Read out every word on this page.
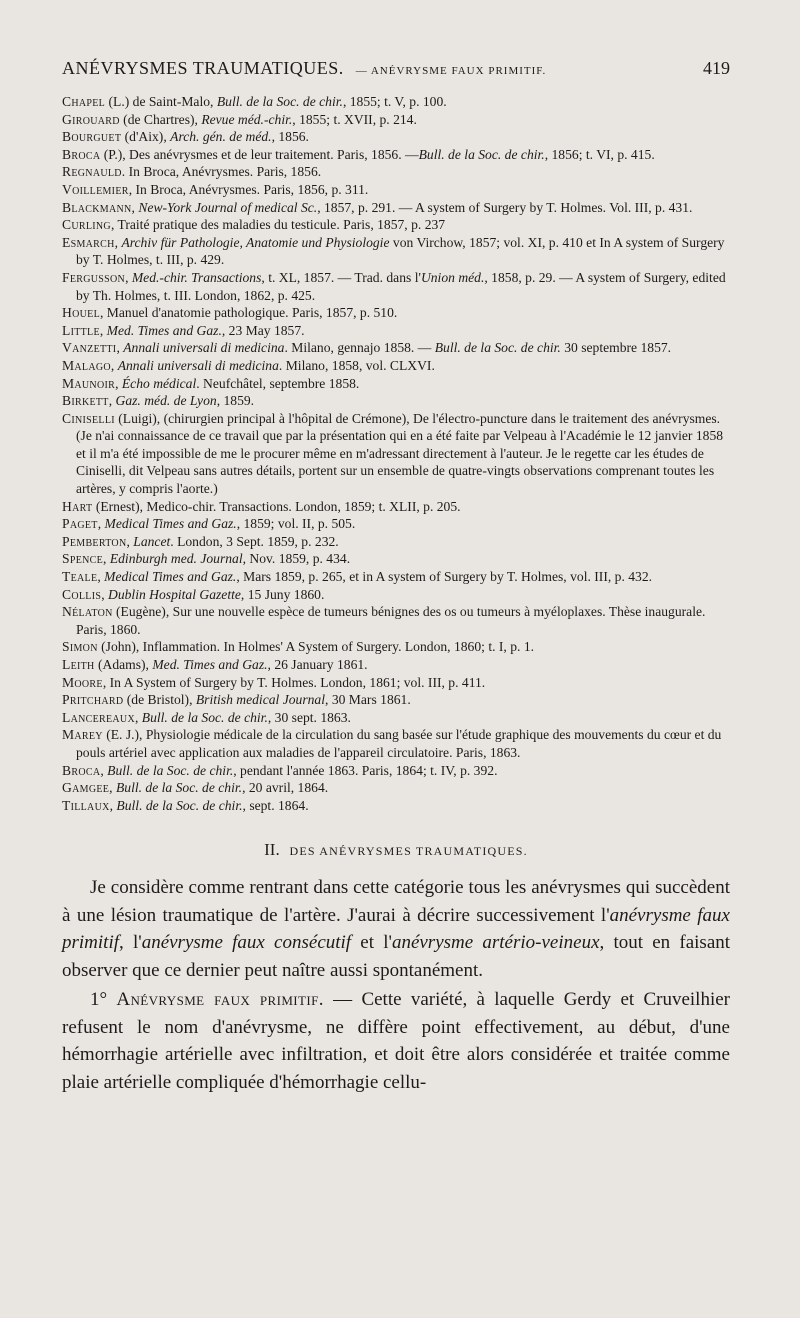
ANÉVRYSMES TRAUMATIQUES. — ANÉVRYSME FAUX PRIMITIF.	419
Chapel (L.) de Saint-Malo, Bull. de la Soc. de chir., 1855; t. V, p. 100.
Girouard (de Chartres), Revue méd.-chir., 1855; t. XVII, p. 214.
Bourguet (d'Aix), Arch. gén. de méd., 1856.
Broca (P.), Des anévrysmes et de leur traitement. Paris, 1856. —Bull. de la Soc. de chir., 1856; t. VI, p. 415.
Regnauld. In Broca, Anévrysmes. Paris, 1856.
Voillemier, In Broca, Anévrysmes. Paris, 1856, p. 311.
Blackmann, New-York Journal of medical Sc., 1857, p. 291. — A system of Surgery by T. Holmes. Vol. III, p. 431.
Curling, Traité pratique des maladies du testicule. Paris, 1857, p. 237
Esmarch, Archiv für Pathologie, Anatomie und Physiologie von Virchow, 1857; vol. XI, p. 410 et In A system of Surgery by T. Holmes, t. III, p. 429.
Fergusson, Med.-chir. Transactions, t. XL, 1857. — Trad. dans l'Union méd., 1858, p. 29. — A system of Surgery, edited by Th. Holmes, t. III. London, 1862, p. 425.
Houel, Manuel d'anatomie pathologique. Paris, 1857, p. 510.
Little, Med. Times and Gaz., 23 May 1857.
Vanzetti, Annali universali di medicina. Milano, gennajo 1858. — Bull. de la Soc. de chir. 30 septembre 1857.
Malago, Annali universali di medicina. Milano, 1858, vol. CLXVI.
Maunoir, Écho médical. Neufchâtel, septembre 1858.
Birkett, Gaz. méd. de Lyon, 1859.
Ciniselli (Luigi), (chirurgien principal à l'hôpital de Crémone), De l'électro-puncture dans le traitement des anévrysmes. (Je n'ai connaissance de ce travail que par la présentation qui en a été faite par Velpeau à l'Académie le 12 janvier 1858 et il m'a été impossible de me le procurer même en m'adressant directement à l'auteur. Je le regette car les études de Ciniselli, dit Velpeau sans autres détails, portent sur un ensemble de quatre-vingts observations comprenant toutes les artères, y compris l'aorte.)
Hart (Ernest), Medico-chir. Transactions. London, 1859; t. XLII, p. 205.
Paget, Medical Times and Gaz., 1859; vol. II, p. 505.
Pemberton, Lancet. London, 3 Sept. 1859, p. 232.
Spence, Edinburgh med. Journal, Nov. 1859, p. 434.
Teale, Medical Times and Gaz., Mars 1859, p. 265, et in A system of Surgery by T. Holmes, vol. III, p. 432.
Collis, Dublin Hospital Gazette, 15 Juny 1860.
Nélaton (Eugène), Sur une nouvelle espèce de tumeurs bénignes des os ou tumeurs à myéloplaxes. Thèse inaugurale. Paris, 1860.
Simon (John), Inflammation. In Holmes' A System of Surgery. London, 1860; t. I, p. 1.
Leith (Adams), Med. Times and Gaz., 26 January 1861.
Moore, In A System of Surgery by T. Holmes. London, 1861; vol. III, p. 411.
Pritchard (de Bristol), British medical Journal, 30 Mars 1861.
Lancereaux, Bull. de la Soc. de chir., 30 sept. 1863.
Marey (E. J.), Physiologie médicale de la circulation du sang basée sur l'étude graphique des mouvements du cœur et du pouls artériel avec application aux maladies de l'appareil circulatoire. Paris, 1863.
Broca, Bull. de la Soc. de chir., pendant l'année 1863. Paris, 1864; t. IV, p. 392.
Gamgee, Bull. de la Soc. de chir., 20 avril, 1864.
Tillaux, Bull. de la Soc. de chir., sept. 1864.
II. DES ANÉVRYSMES TRAUMATIQUES.

Je considère comme rentrant dans cette catégorie tous les anévrysmes qui succèdent à une lésion traumatique de l'artère. J'aurai à décrire successivement l'anévrysme faux primitif, l'anévrysme faux consécutif et l'anévrysme artério-veineux, tout en faisant observer que ce dernier peut naître aussi spontanément.

1° Anévrysme faux primitif. — Cette variété, à laquelle Gerdy et Cruveilhier refusent le nom d'anévrysme, ne diffère point effectivement, au début, d'une hémorrhagie artérielle avec infiltration, et doit être alors considérée et traitée comme plaie artérielle compliquée d'hémorrhagie cellu-
